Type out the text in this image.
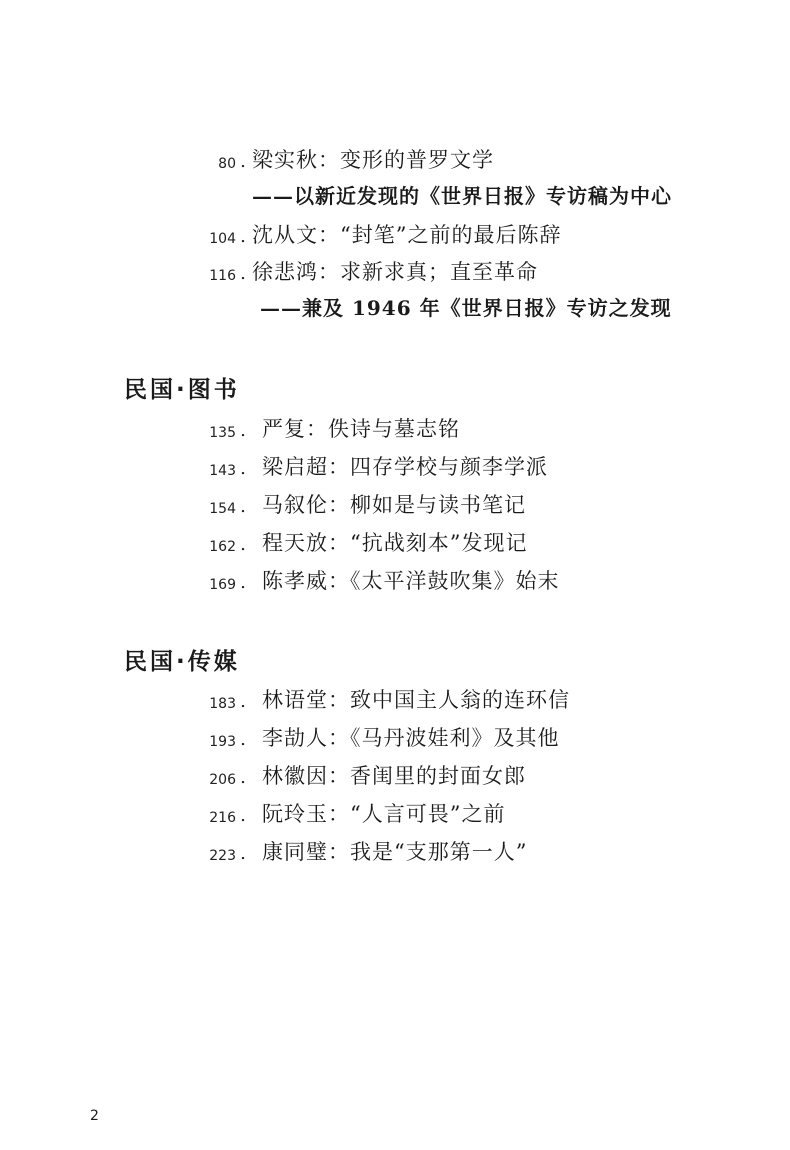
80 . 梁实秋：变形的普罗文学
——以新近发现的《世界日报》专访稿为中心
104 . 沈从文：“封笔”之前的最后陈辞
116 . 徐悲鸿：求新求真；直至革命
——兼及 1946 年《世界日报》专访之发现
民国·图书
135 . 严复：佚诗与墓志铭
143 . 梁启超：四存学校与颜李学派
154 . 马叙伦：柳如是与读书笔记
162 . 程天放：“抗战刻本”发现记
169 . 陈孝威：《太平洋鼓吹集》始末
民国·传媒
183 . 林语堂：致中国主人翁的连环信
193 . 李劼人：《马丹波娃利》及其他
206 . 林徽因：香闺里的封面女郎
216 . 阮玲玉：“人言可畏”之前
223 . 康同璧：我是“支那第一人”
2
